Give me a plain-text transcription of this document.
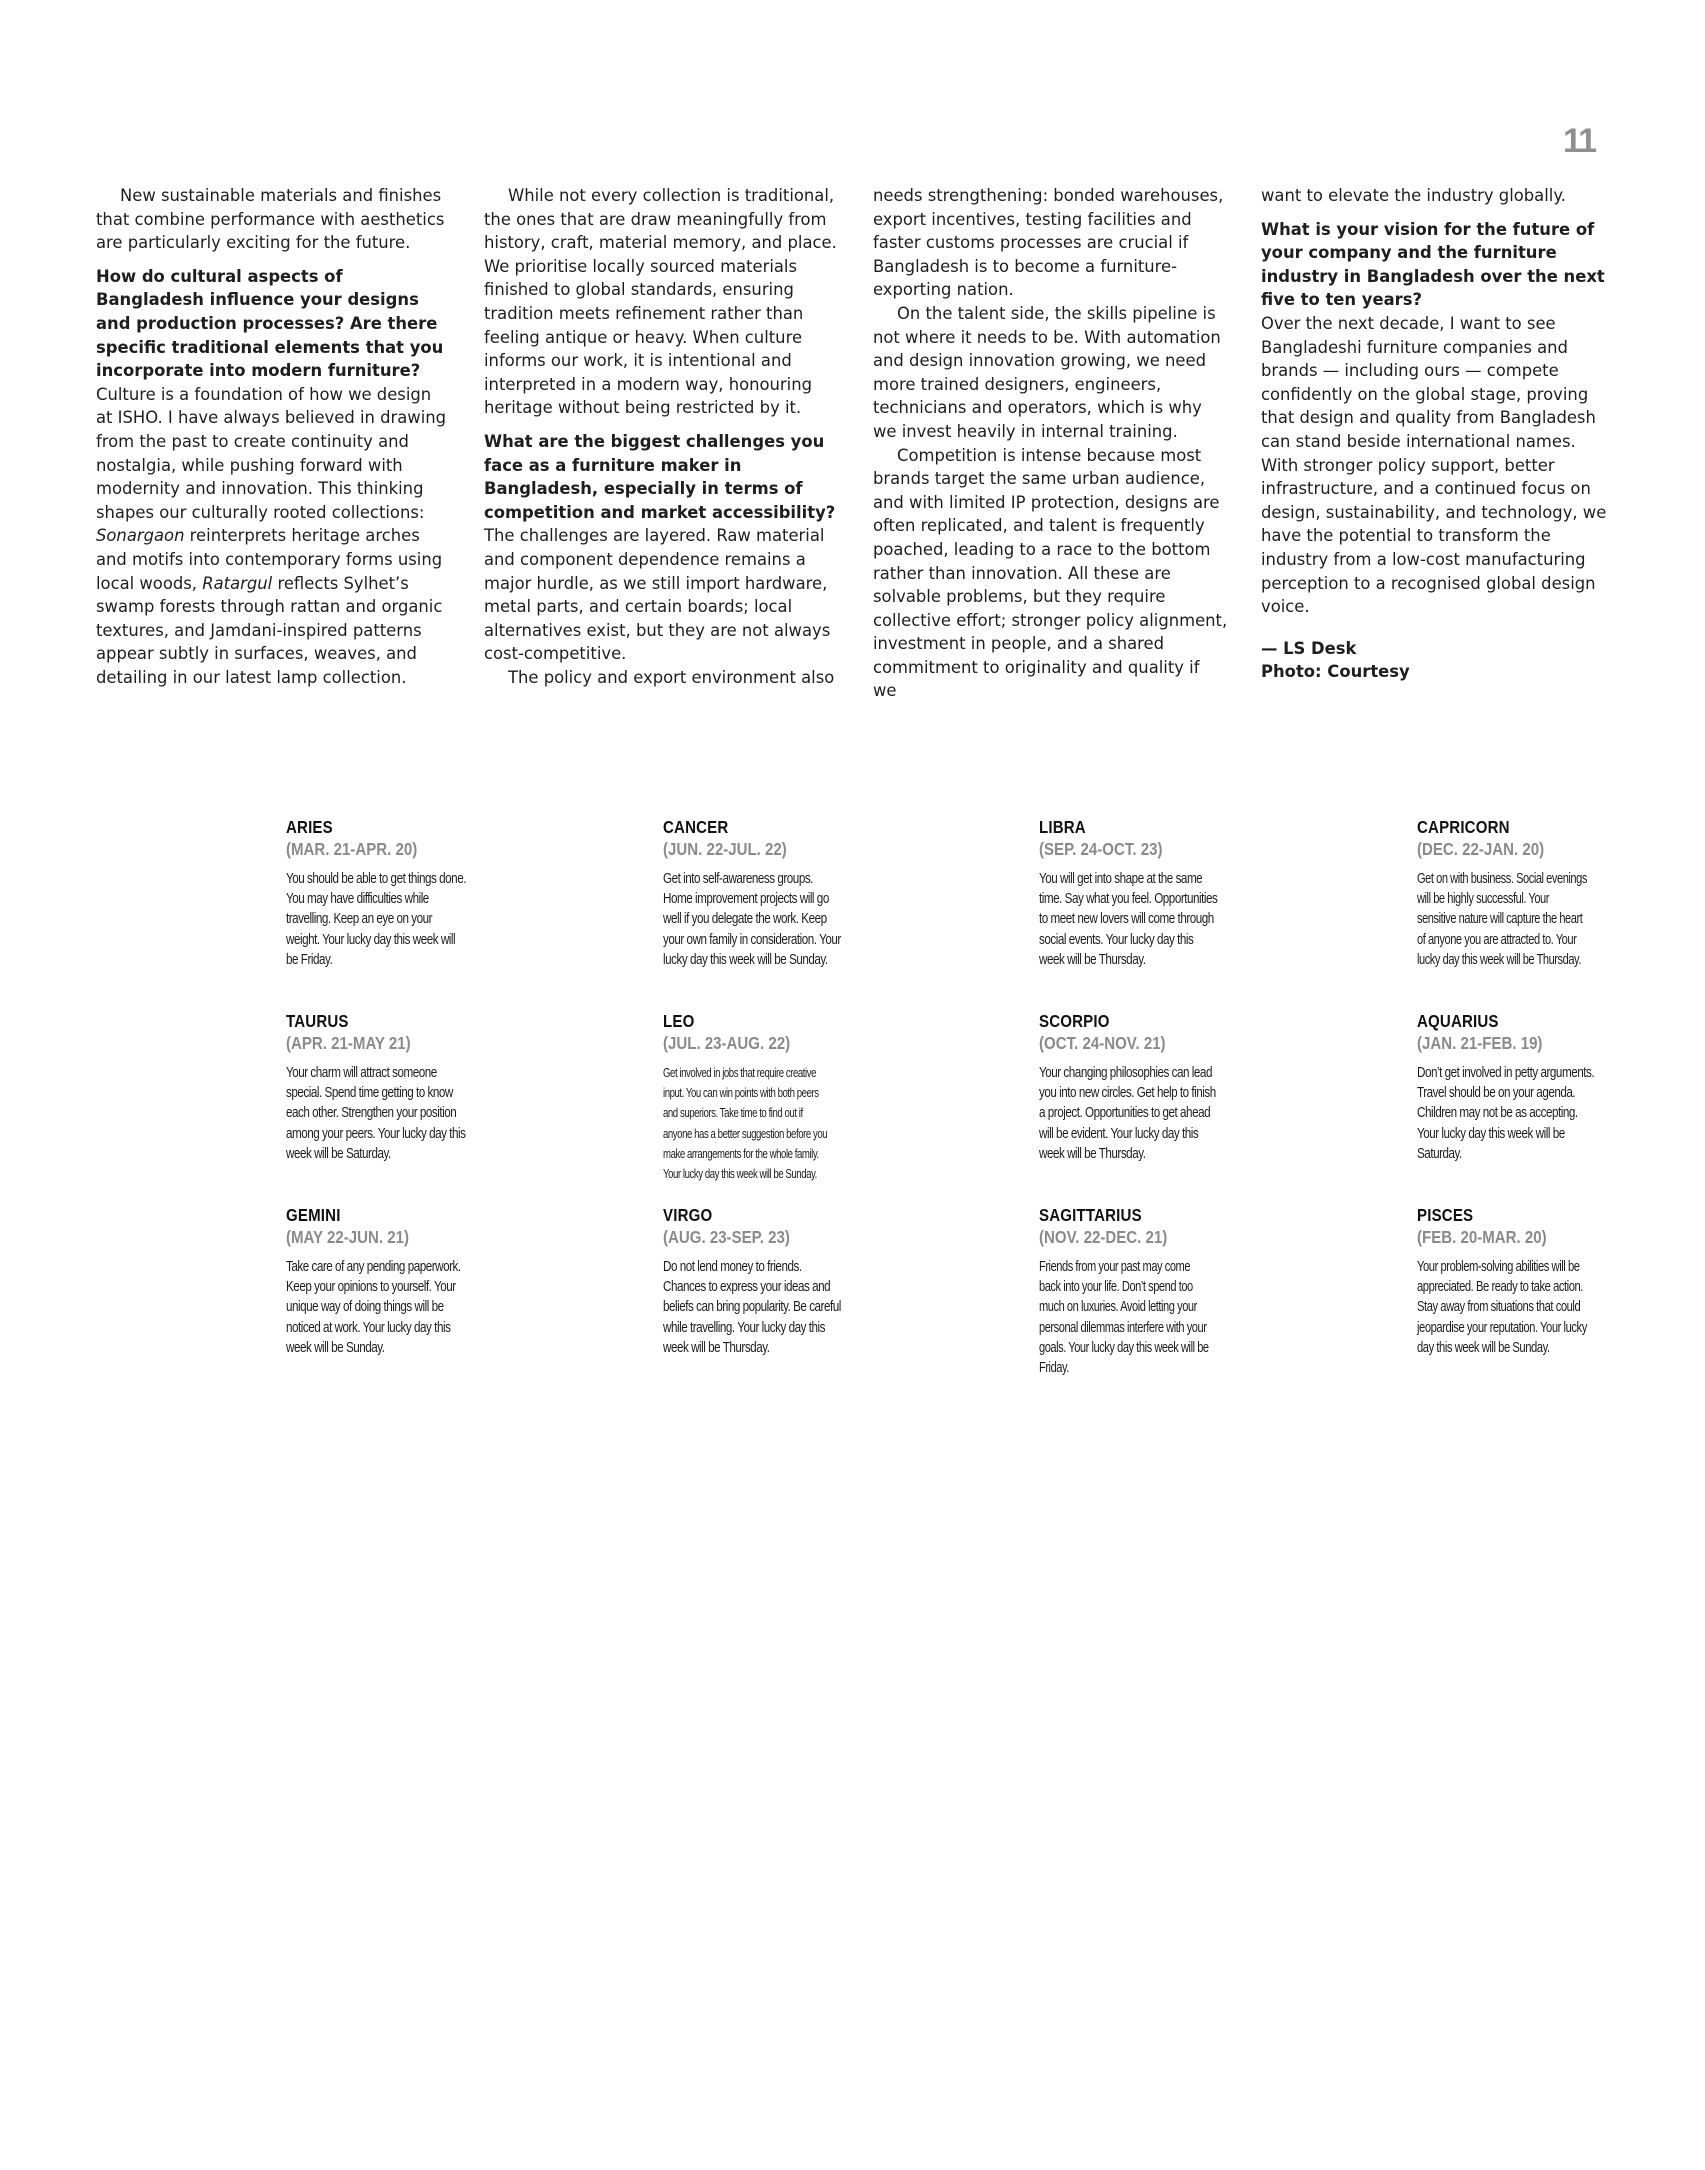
11

New sustainable materials and finishes that combine performance with aesthetics are particularly exciting for the future.

How do cultural aspects of Bangladesh influence your designs and production processes? Are there specific traditional elements that you incorporate into modern furniture?

Culture is a foundation of how we design at ISHO. I have always believed in drawing from the past to create continuity and nostalgia, while pushing forward with modernity and innovation. This thinking shapes our culturally rooted collections: Sonargaon reinterprets heritage arches and motifs into contemporary forms using local woods, Ratargul reflects Sylhet’s swamp forests through rattan and organic textures, and Jamdani-inspired patterns appear subtly in surfaces, weaves, and detailing in our latest lamp collection.

While not every collection is traditional, the ones that are draw meaningfully from history, craft, material memory, and place. We prioritise locally sourced materials finished to global standards, ensuring tradition meets refinement rather than feeling antique or heavy. When culture informs our work, it is intentional and interpreted in a modern way, honouring heritage without being restricted by it.

What are the biggest challenges you face as a furniture maker in Bangladesh, especially in terms of competition and market accessibility?

The challenges are layered. Raw material and component dependence remains a major hurdle, as we still import hardware, metal parts, and certain boards; local alternatives exist, but they are not always cost-competitive.

The policy and export environment also

needs strengthening: bonded warehouses, export incentives, testing facilities and faster customs processes are crucial if Bangladesh is to become a furniture-exporting nation.

On the talent side, the skills pipeline is not where it needs to be. With automation and design innovation growing, we need more trained designers, engineers, technicians and operators, which is why we invest heavily in internal training.

Competition is intense because most brands target the same urban audience, and with limited IP protection, designs are often replicated, and talent is frequently poached, leading to a race to the bottom rather than innovation. All these are solvable problems, but they require collective effort; stronger policy alignment, investment in people, and a shared commitment to originality and quality if we

want to elevate the industry globally.

What is your vision for the future of your company and the furniture industry in Bangladesh over the next five to ten years?

Over the next decade, I want to see Bangladeshi furniture companies and brands — including ours — compete confidently on the global stage, proving that design and quality from Bangladesh can stand beside international names. With stronger policy support, better infrastructure, and a continued focus on design, sustainability, and technology, we have the potential to transform the industry from a low-cost manufacturing perception to a recognised global design voice.

— LS Desk

Photo: Courtesy

ARIES
(MAR. 21-APR. 20)
You should be able to get things done. You may have difficulties while travelling. Keep an eye on your weight. Your lucky day this week will be Friday.
TAURUS
(APR. 21-MAY 21)
Your charm will attract someone special. Spend time getting to know each other. Strengthen your position among your peers. Your lucky day this week will be Saturday.
GEMINI
(MAY 22-JUN. 21)
Take care of any pending paperwork. Keep your opinions to yourself. Your unique way of doing things will be noticed at work. Your lucky day this week will be Sunday.
CANCER
(JUN. 22-JUL. 22)
Get into self-awareness groups. Home improvement projects will go well if you delegate the work. Keep your own family in consideration. Your lucky day this week will be Sunday.
LEO
(JUL. 23-AUG. 22)
Get involved in jobs that require creative input. You can win points with both peers and superiors. Take time to find out if anyone has a better suggestion before you make arrangements for the whole family. Your lucky day this week will be Sunday.
VIRGO
(AUG. 23-SEP. 23)
Do not lend money to friends. Chances to express your ideas and beliefs can bring popularity. Be careful while travelling. Your lucky day this week will be Thursday.
LIBRA
(SEP. 24-OCT. 23)
You will get into shape at the same time. Say what you feel. Opportunities to meet new lovers will come through social events. Your lucky day this week will be Thursday.
SCORPIO
(OCT. 24-NOV. 21)
Your changing philosophies can lead you into new circles. Get help to finish a project. Opportunities to get ahead will be evident. Your lucky day this week will be Thursday.
SAGITTARIUS
(NOV. 22-DEC. 21)
Friends from your past may come back into your life. Don’t spend too much on luxuries. Avoid letting your personal dilemmas interfere with your goals. Your lucky day this week will be Friday.
CAPRICORN
(DEC. 22-JAN. 20)
Get on with business. Social evenings will be highly successful. Your sensitive nature will capture the heart of anyone you are attracted to. Your lucky day this week will be Thursday.
AQUARIUS
(JAN. 21-FEB. 19)
Don’t get involved in petty arguments. Travel should be on your agenda. Children may not be as accepting. Your lucky day this week will be Saturday.
PISCES
(FEB. 20-MAR. 20)
Your problem-solving abilities will be appreciated. Be ready to take action. Stay away from situations that could jeopardise your reputation. Your lucky day this week will be Sunday.
